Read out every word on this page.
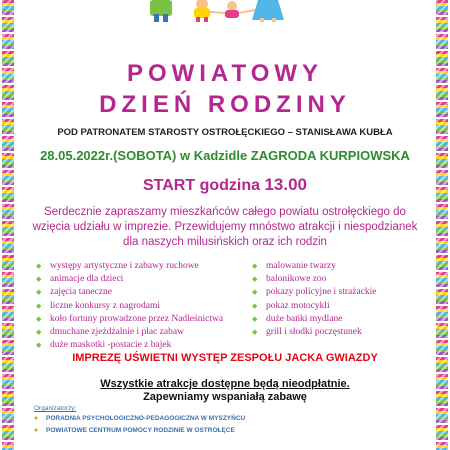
POWIATOWY
DZIEŃ RODZINY
POD PATRONATEM STAROSTY OSTROŁĘCKIEGO – STANISŁAWA KUBŁA
28.05.2022r.(SOBOTA) w Kadzidle ZAGRODA KURPIOWSKA
START godzina 13.00
Serdecznie zapraszamy mieszkańców całego powiatu ostrołęckiego do wzięcia udziału w imprezie. Przewidujemy mnóstwo atrakcji i niespodzianek dla naszych milusińskich oraz ich rodzin
◆ występy artystyczne i zabawy ruchowe
◆ animacje dla dzieci
◆ zajęcia taneczne
◆ liczne konkursy z nagrodami
◆ koło fortuny prowadzone przez Nadleśnictwa
◆ dmuchane zjeżdżalnie i plac zabaw
◆ duże maskotki -postacie z bajek
◆ malowanie twarzy
◆ balonikowe zoo
◆ pokazy policyjne i strażackie
◆ pokaz motocykli
◆ duże bańki mydlane
◆ grill i słodki poczęstunek
IMPREZĘ UŚWIETNI WYSTĘP ZESPOŁU JACKA GWIAZDY
Wszystkie atrakcje dostępne będą nieodpłatnie.
Zapewniamy wspaniałą zabawę
Organizatorzy:
● PORADNIA PSYCHOLOGICZNO-PEDAGOGICZNA W MYSZYŃCU
● POWIATOWE CENTRUM POMOCY RODZINIE W OSTROŁĘCE
